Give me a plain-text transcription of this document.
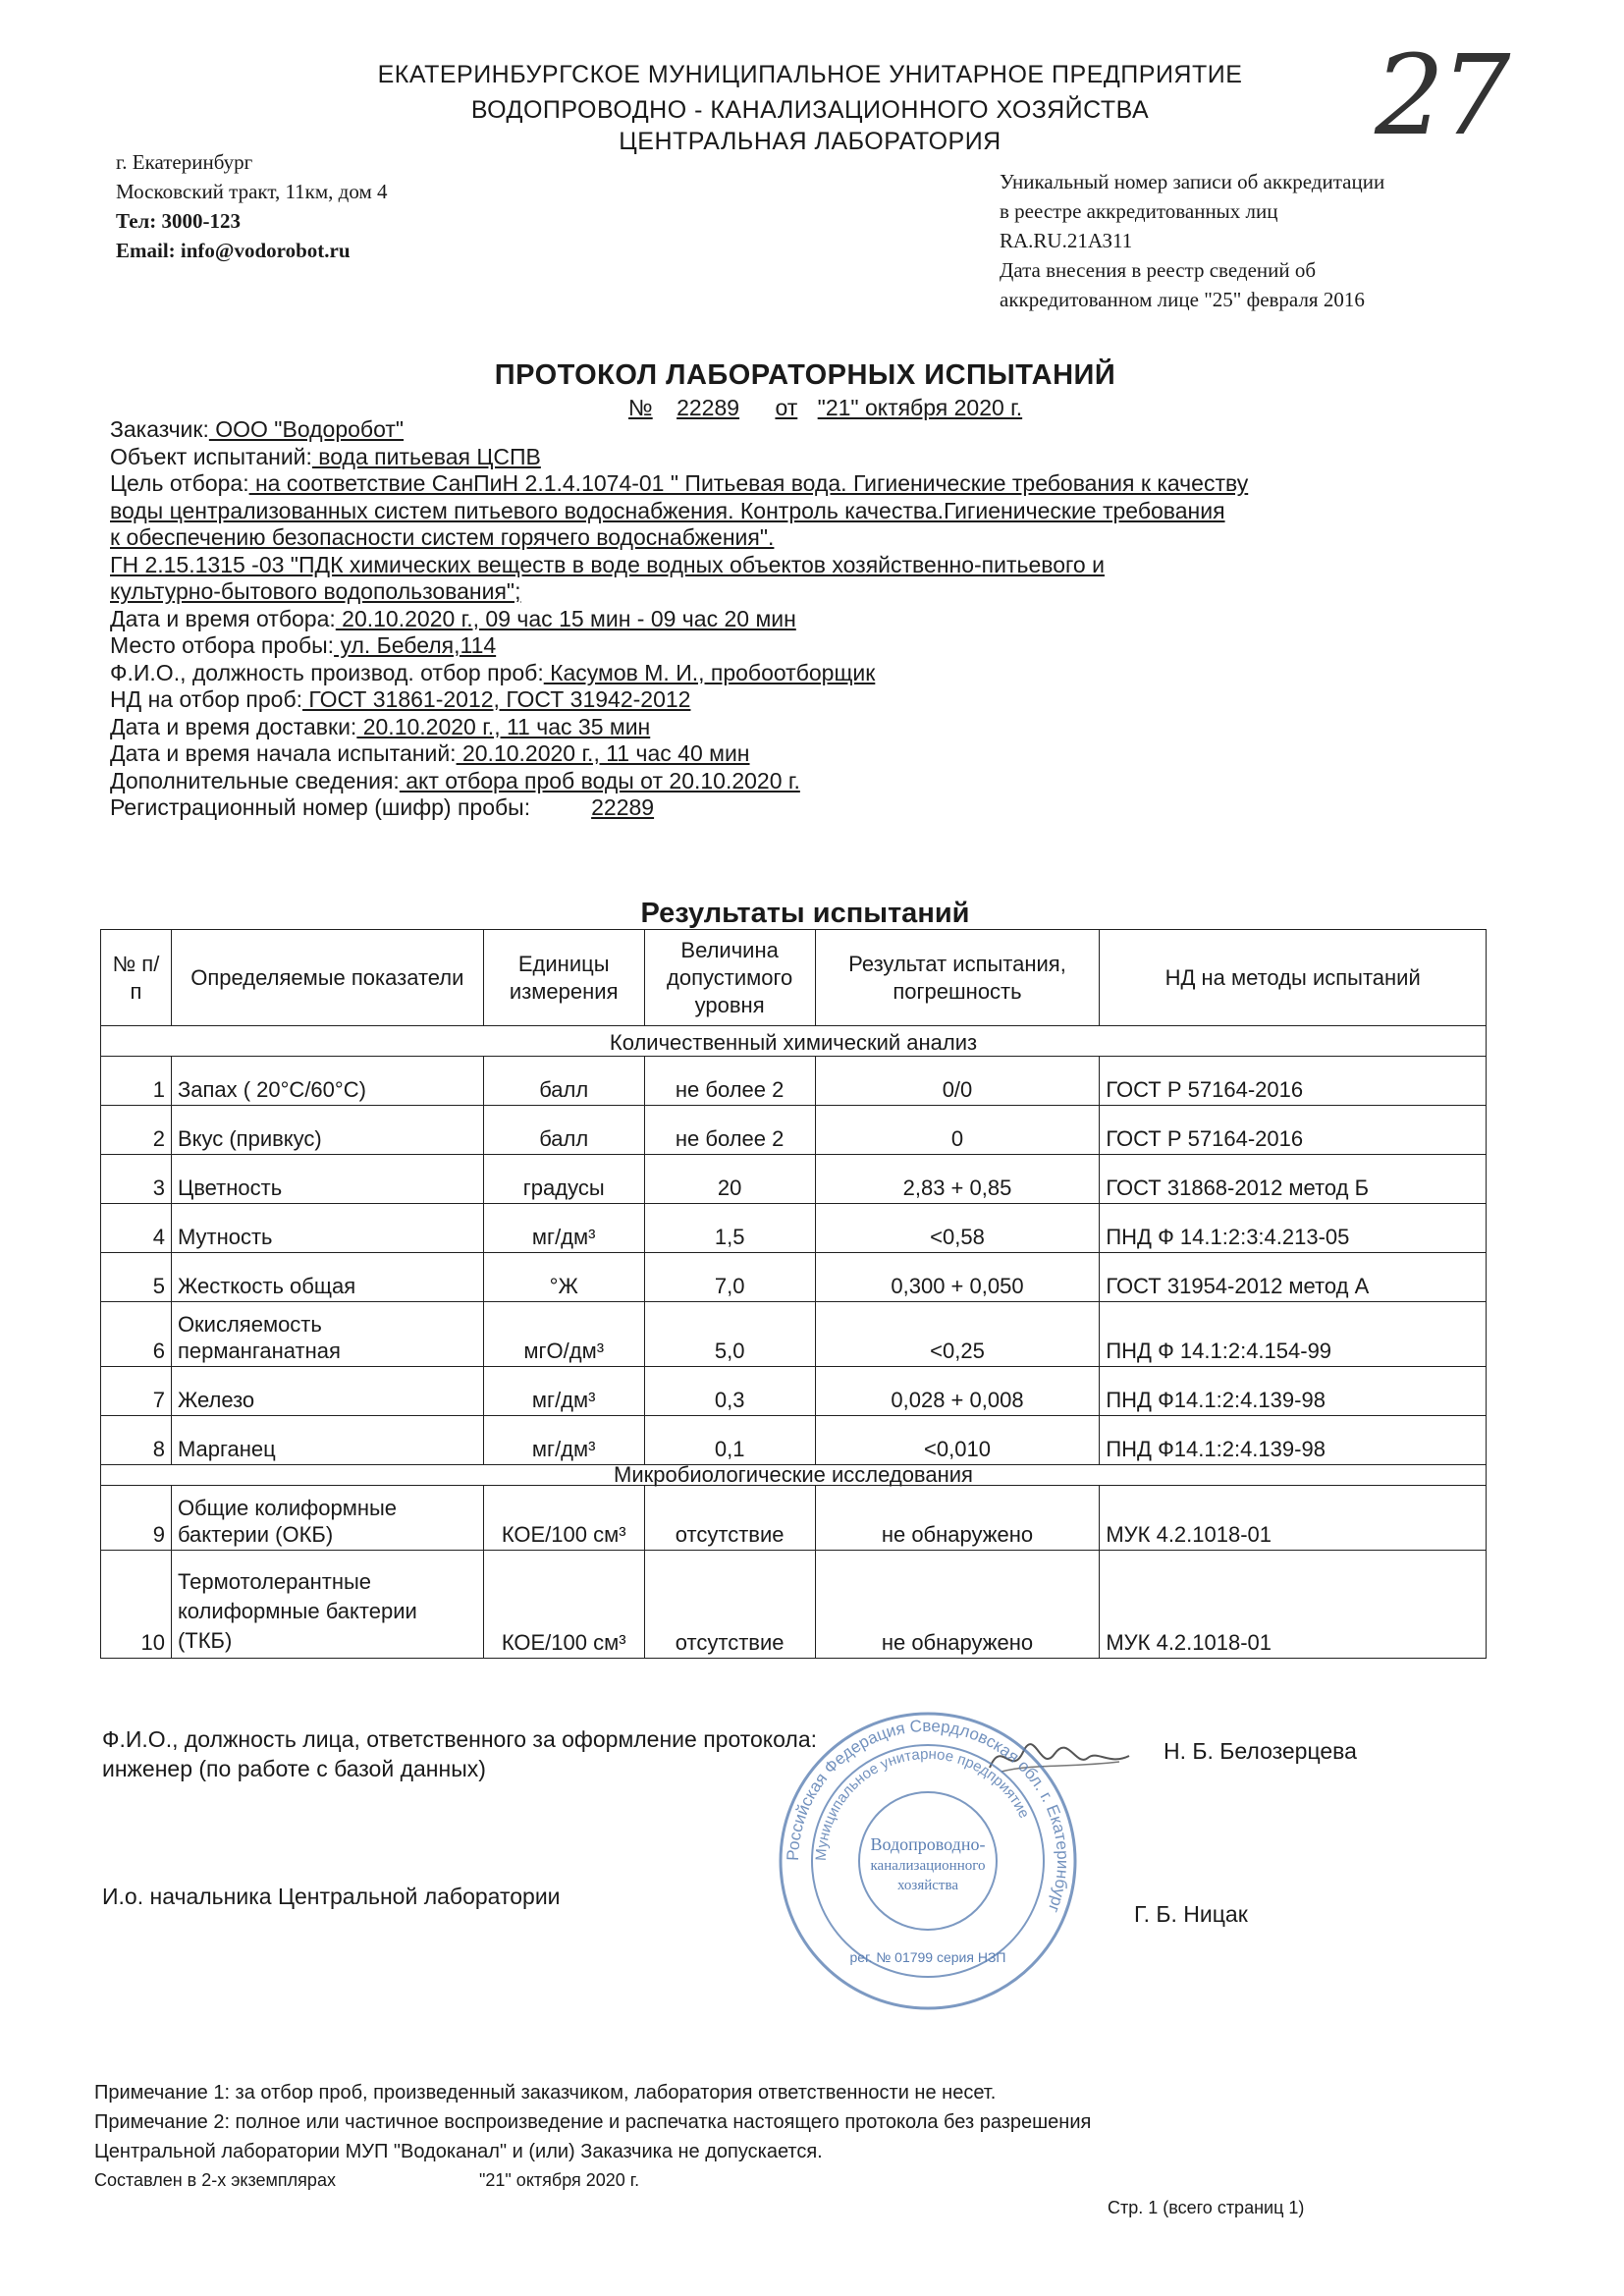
ЕКАТЕРИНБУРГСКОЕ МУНИЦИПАЛЬНОЕ УНИТАРНОЕ ПРЕДПРИЯТИЕ
ВОДОПРОВОДНО - КАНАЛИЗАЦИОННОГО ХОЗЯЙСТВА
ЦЕНТРАЛЬНАЯ ЛАБОРАТОРИЯ	27
г. Екатеринбург
Московский тракт, 11км, дом 4
Тел: 3000-123
Email: info@vodorobot.ru
Уникальный номер записи об аккредитации
в реестре аккредитованных лиц
RA.RU.21АЗ11
Дата внесения в реестр сведений об
аккредитованном лице "25" февраля 2016
ПРОТОКОЛ ЛАБОРАТОРНЫХ ИСПЫТАНИЙ
№ 22289 от "21" октября 2020 г.
Заказчик: ООО "Водоробот"
Объект испытаний: вода питьевая ЦСПВ
Цель отбора: на соответствие СанПиН 2.1.4.1074-01 " Питьевая вода. Гигиенические требования к качеству
воды централизованных систем питьевого водоснабжения. Контроль качества.Гигиенические требования
к обеспечению безопасности систем горячего водоснабжения".
ГН 2.15.1315 -03 "ПДК химических веществ в воде водных объектов хозяйственно-питьевого и
культурно-бытового водопользования";
Дата и время отбора: 20.10.2020 г., 09 час 15 мин - 09 час 20 мин
Место отбора пробы: ул. Бебеля,114
Ф.И.О., должность производ. отбор проб: Касумов М. И., пробоотборщик
НД на отбор проб: ГОСТ 31861-2012, ГОСТ 31942-2012
Дата и время доставки: 20.10.2020 г., 11 час 35 мин
Дата и время начала испытаний: 20.10.2020 г., 11 час 40 мин
Дополнительные сведения: акт отбора проб воды от 20.10.2020 г.
Регистрационный номер (шифр) пробы:	22289
Результаты испытаний
№ п/п	Определяемые показатели	Единицы измерения	Величина допустимого уровня	Результат испытания, погрешность	НД на методы испытаний
Количественный химический анализ					
1	Запах ( 20°С/60°С)	балл	не более 2	0/0	ГОСТ Р 57164-2016
2	Вкус (привкус)	балл	не более 2	0	ГОСТ Р 57164-2016
3	Цветность	градусы	20	2,83 + 0,85	ГОСТ 31868-2012 метод Б
4	Мутность	мг/дм³	1,5	<0,58	ПНД Ф 14.1:2:3:4.213-05
5	Жесткость общая	°Ж	7,0	0,300 + 0,050	ГОСТ 31954-2012 метод А
6	Окисляемость перманганатная	мгО/дм³	5,0	<0,25	ПНД Ф 14.1:2:4.154-99
7	Железо	мг/дм³	0,3	0,028 + 0,008	ПНД Ф14.1:2:4.139-98
8	Марганец	мг/дм³	0,1	<0,010	ПНД Ф14.1:2:4.139-98
Микробиологические исследования					
9	Общие колиформные бактерии (ОКБ)	КОЕ/100 см³	отсутствие	не обнаружено	МУК 4.2.1018-01
10	Термотолерантные колиформные бактерии (ТКБ)	КОЕ/100 см³	отсутствие	не обнаружено	МУК 4.2.1018-01
Ф.И.О., должность лица, ответственного за оформление протокола:
инженер (по работе с базой данных)
Н. Б. Белозерцева
Российская Федерация Свердловская обл. г. Екатеринбург
Муниципальное унитарное предприятие
Водопроводно-
канализационного
хозяйства
рег. № 01799 серия НЗП
И.о. начальника Центральной лаборатории
Г. Б. Ницак
Примечание 1: за отбор проб, произведенный заказчиком, лаборатория ответственности не несет.
Примечание 2: полное или частичное воспроизведение и распечатка настоящего протокола без разрешения
Центральной лаборатории МУП "Водоканал" и (или) Заказчика не допускается.
Составлен в 2-х экземплярах	"21" октября 2020 г.
Стр. 1 (всего страниц 1)
